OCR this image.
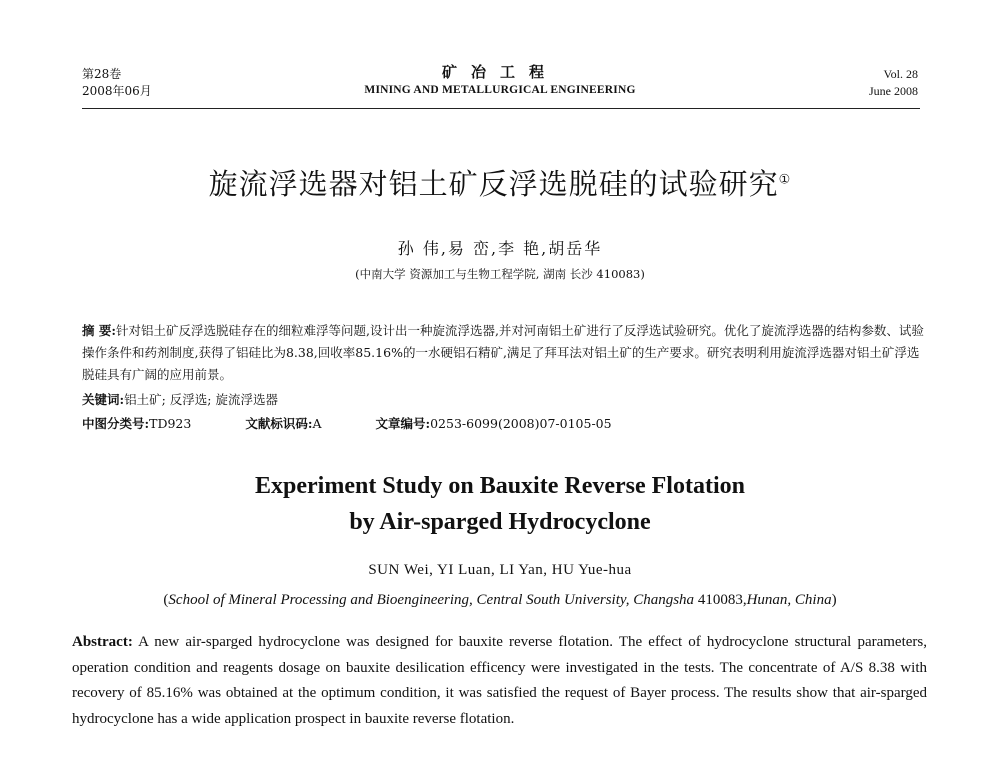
第28卷
2008年06月
矿冶工程
MINING AND METALLURGICAL ENGINEERING
Vol. 28
June 2008
旋流浮选器对铝土矿反浮选脱硅的试验研究①
孙 伟,易 峦,李 艳,胡岳华
(中南大学 资源加工与生物工程学院, 湖南 长沙 410083)
摘 要:针对铝土矿反浮选脱硅存在的细粒难浮等问题,设计出一种旋流浮选器,并对河南铝土矿进行了反浮选试验研究。优化了旋流浮选器的结构参数、试验操作条件和药剂制度,获得了铝硅比为8.38,回收率85.16%的一水硬铝石精矿,满足了拜耳法对铝土矿的生产要求。研究表明利用旋流浮选器对铝土矿浮选脱硅具有广阔的应用前景。
关键词:铝土矿; 反浮选; 旋流浮选器
中图分类号:TD923	文献标识码:A	文章编号:0253-6099(2008)07-0105-05
Experiment Study on Bauxite Reverse Flotation
by Air-sparged Hydrocyclone
SUN Wei, YI Luan, LI Yan, HU Yue-hua
(School of Mineral Processing and Bioengineering, Central South University, Changsha 410083,Hunan, China)
Abstract: A new air-sparged hydrocyclone was designed for bauxite reverse flotation. The effect of hydrocyclone structural parameters, operation condition and reagents dosage on bauxite desilication efficency were investigated in the tests. The concentrate of A/S 8.38 with recovery of 85.16% was obtained at the optimum condition, it was satisfied the request of Bayer process. The results show that air-sparged hydrocyclone has a wide application prospect in bauxite reverse flotation.
